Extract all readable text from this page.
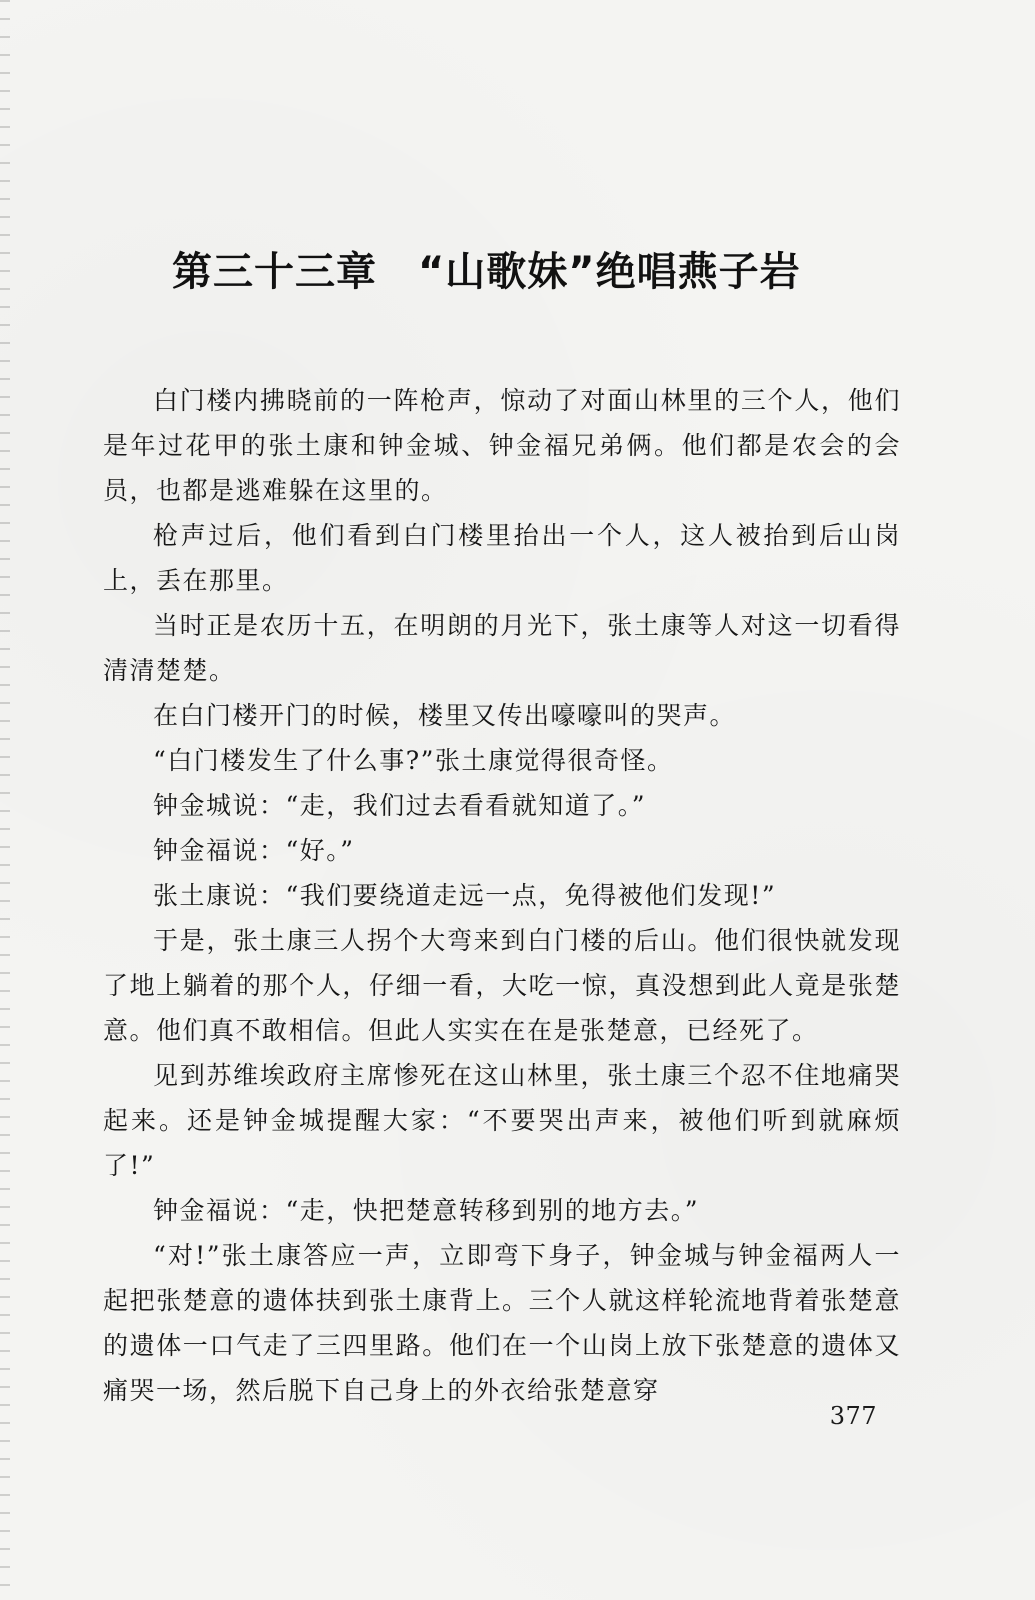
第三十三章　“山歌妹”绝唱燕子岩

白门楼内拂晓前的一阵枪声，惊动了对面山林里的三个人，他们是年过花甲的张土康和钟金城、钟金福兄弟俩。他们都是农会的会员，也都是逃难躲在这里的。

枪声过后，他们看到白门楼里抬出一个人，这人被抬到后山岗上，丢在那里。

当时正是农历十五，在明朗的月光下，张土康等人对这一切看得清清楚楚。

在白门楼开门的时候，楼里又传出嚎嚎叫的哭声。

“白门楼发生了什么事?”张土康觉得很奇怪。

钟金城说：“走，我们过去看看就知道了。”

钟金福说：“好。”

张土康说：“我们要绕道走远一点，免得被他们发现!”

于是，张土康三人拐个大弯来到白门楼的后山。他们很快就发现了地上躺着的那个人，仔细一看，大吃一惊，真没想到此人竟是张楚意。他们真不敢相信。但此人实实在在是张楚意，已经死了。

见到苏维埃政府主席惨死在这山林里，张土康三个忍不住地痛哭起来。还是钟金城提醒大家：“不要哭出声来，被他们听到就麻烦了!”

钟金福说：“走，快把楚意转移到别的地方去。”

“对!”张土康答应一声，立即弯下身子，钟金城与钟金福两人一起把张楚意的遗体扶到张土康背上。三个人就这样轮流地背着张楚意的遗体一口气走了三四里路。他们在一个山岗上放下张楚意的遗体又痛哭一场，然后脱下自己身上的外衣给张楚意穿

377
